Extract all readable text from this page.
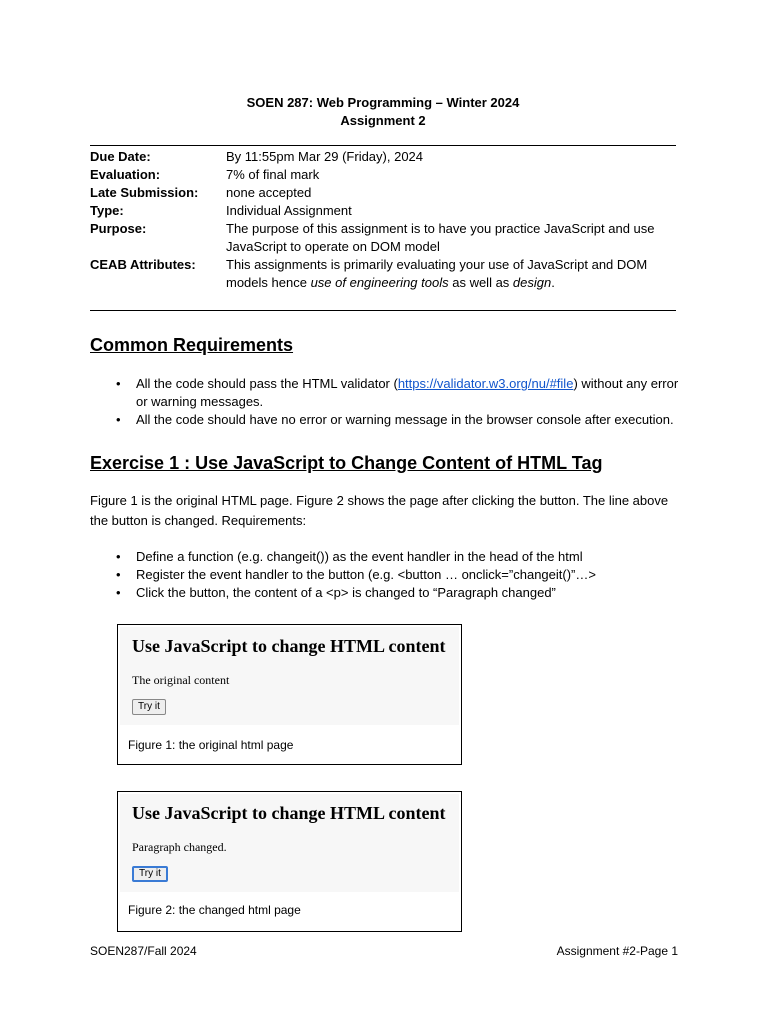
SOEN 287: Web Programming – Winter 2024
Assignment 2
Due Date:	By 11:55pm Mar 29 (Friday), 2024
Evaluation:	7% of final mark
Late Submission:	none accepted
Type:	Individual Assignment
Purpose:	The purpose of this assignment is to have you practice JavaScript and use JavaScript to operate on DOM model
CEAB Attributes:	This assignments is primarily evaluating your use of JavaScript and DOM models hence use of engineering tools as well as design.
Common Requirements
• All the code should pass the HTML validator (https://validator.w3.org/nu/#file) without any error or warning messages.
• All the code should have no error or warning message in the browser console after execution.
Exercise 1 : Use JavaScript to Change Content of HTML Tag

Figure 1 is the original HTML page. Figure 2 shows the page after clicking the button. The line above the button is changed. Requirements:

• Define a function (e.g. changeit()) as the event handler in the head of the html
• Register the event handler to the button (e.g. <button … onclick=”changeit()”…>
• Click the button, the content of a <p> is changed to “Paragraph changed”
Use JavaScript to change HTML content
The original content
Try it
Figure 1: the original html page
Use JavaScript to change HTML content
Paragraph changed.
Try it
Figure 2: the changed html page
SOEN287/Fall 2024	Assignment #2-Page 1
